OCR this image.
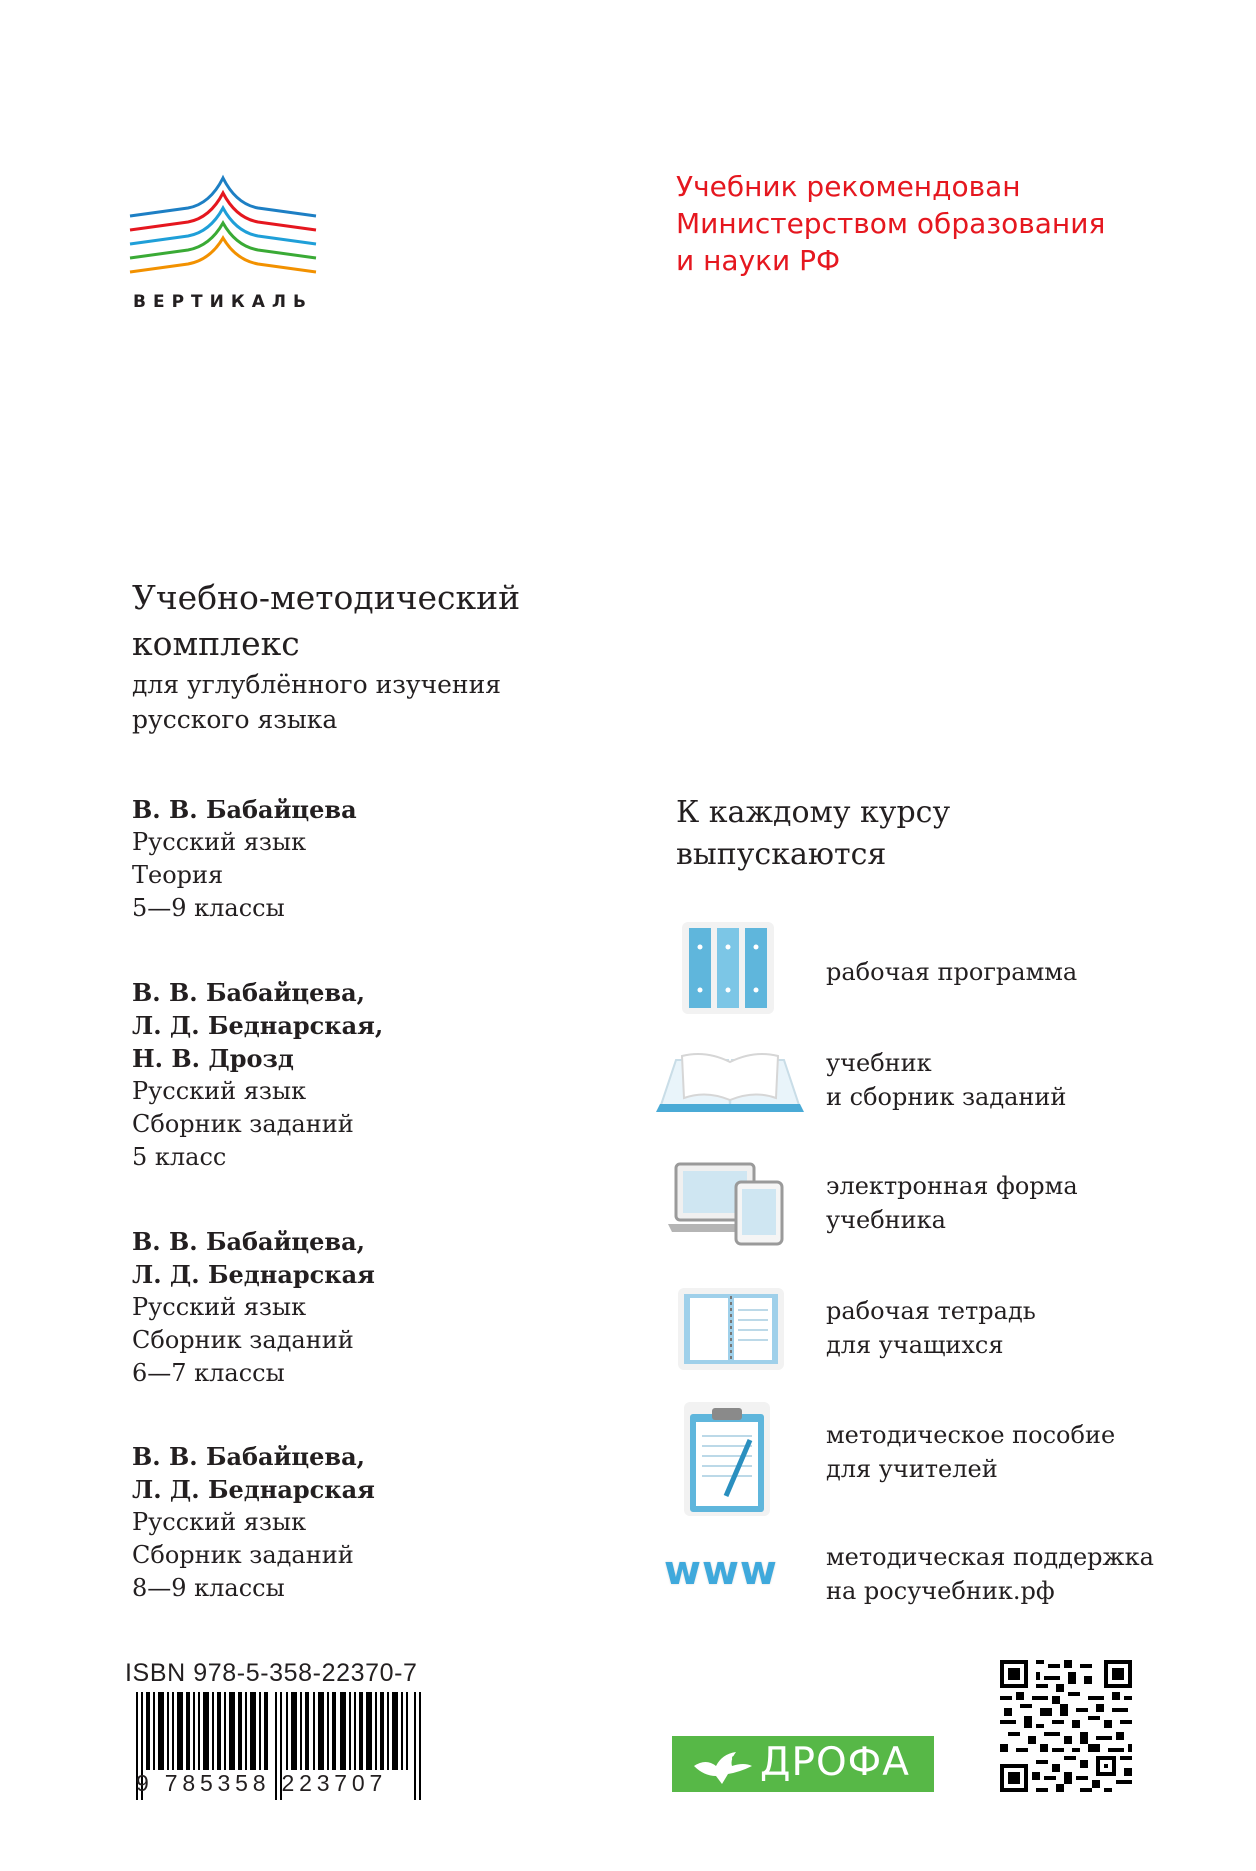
ВЕРТИКАЛЬ
Учебник рекомендован
Министерством образования
и науки РФ
Учебно-методический
комплекс
для углублённого изучения
русского языка
В. В. Бабайцева
Русский язык
Теория
5—9 классы
В. В. Бабайцева,
Л. Д. Беднарская,
Н. В. Дрозд
Русский язык
Сборник заданий
5 класс
В. В. Бабайцева,
Л. Д. Беднарская
Русский язык
Сборник заданий
6—7 классы
В. В. Бабайцева,
Л. Д. Беднарская
Русский язык
Сборник заданий
8—9 классы
К каждому курсу
выпускаются
рабочая программа
учебник
и сборник заданий
электронная форма
учебника
рабочая тетрадь
для учащихся
методическое пособие
для учителей
www	методическая поддержка
на росучебник.рф
ISBN 978-5-358-22370-7
9 785358 223707	ДРОФА
